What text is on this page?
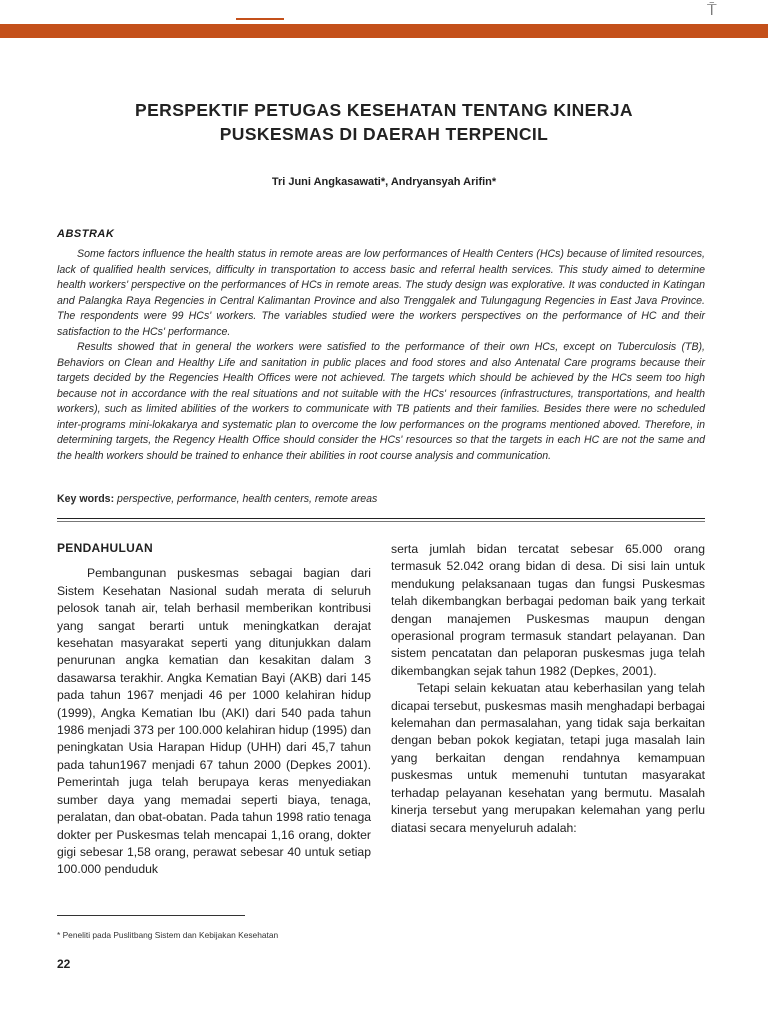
⍑
PERSPEKTIF PETUGAS KESEHATAN TENTANG KINERJA
PUSKESMAS DI DAERAH TERPENCIL
Tri Juni Angkasawati*, Andryansyah Arifin*
ABSTRAK

Some factors influence the health status in remote areas are low performances of Health Centers (HCs) because of limited resources, lack of qualified health services, difficulty in transportation to access basic and referral health services. This study aimed to determine health workers' perspective on the performances of HCs in remote areas. The study design was explorative. It was conducted in Katingan and Palangka Raya Regencies in Central Kalimantan Province and also Trenggalek and Tulungagung Regencies in East Java Province. The respondents were 99 HCs' workers. The variables studied were the workers perspectives on the performance of HC and their satisfaction to the HCs' performance.

Results showed that in general the workers were satisfied to the performance of their own HCs, except on Tuberculosis (TB), Behaviors on Clean and Healthy Life and sanitation in public places and food stores and also Antenatal Care programs because their targets decided by the Regencies Health Offices were not achieved. The targets which should be achieved by the HCs seem too high because not in accordance with the real situations and not suitable with the HCs' resources (infrastructures, transportations, and health workers), such as limited abilities of the workers to communicate with TB patients and their families. Besides there were no scheduled inter-programs mini-lokakarya and systematic plan to overcome the low performances on the programs mentioned aboved. Therefore, in determining targets, the Regency Health Office should consider the HCs' resources so that the targets in each HC are not the same and the health workers should be trained to enhance their abilities in root course analysis and communication.

Key words: perspective, performance, health centers, remote areas
PENDAHULUAN

Pembangunan puskesmas sebagai bagian dari Sistem Kesehatan Nasional sudah merata di seluruh pelosok tanah air, telah berhasil memberikan kontribusi yang sangat berarti untuk meningkatkan derajat kesehatan masyarakat seperti yang ditunjukkan dalam penurunan angka kematian dan kesakitan dalam 3 dasawarsa terakhir. Angka Kematian Bayi (AKB) dari 145 pada tahun 1967 menjadi 46 per 1000 kelahiran hidup (1999), Angka Kematian Ibu (AKI) dari 540 pada tahun 1986 menjadi 373 per 100.000 kelahiran hidup (1995) dan peningkatan Usia Harapan Hidup (UHH) dari 45,7 tahun pada tahun1967 menjadi 67 tahun 2000 (Depkes 2001). Pemerintah juga telah berupaya keras menyediakan sumber daya yang memadai seperti biaya, tenaga, peralatan, dan obat-obatan. Pada tahun 1998 ratio tenaga dokter per Puskesmas telah mencapai 1,16 orang, dokter gigi sebesar 1,58 orang, perawat sebesar 40 untuk setiap 100.000 penduduk

serta jumlah bidan tercatat sebesar 65.000 orang termasuk 52.042 orang bidan di desa. Di sisi lain untuk mendukung pelaksanaan tugas dan fungsi Puskesmas telah dikembangkan berbagai pedoman baik yang terkait dengan manajemen Puskesmas maupun dengan operasional program termasuk standart pelayanan. Dan sistem pencatatan dan pelaporan puskesmas juga telah dikembangkan sejak tahun 1982 (Depkes, 2001).

Tetapi selain kekuatan atau keberhasilan yang telah dicapai tersebut, puskesmas masih menghadapi berbagai kelemahan dan permasalahan, yang tidak saja berkaitan dengan beban pokok kegiatan, tetapi juga masalah lain yang berkaitan dengan rendahnya kemampuan puskesmas untuk memenuhi tuntutan masyarakat terhadap pelayanan kesehatan yang bermutu. Masalah kinerja tersebut yang merupakan kelemahan yang perlu diatasi secara menyeluruh adalah:

* Peneliti pada Puslitbang Sistem dan Kebijakan Kesehatan
22
